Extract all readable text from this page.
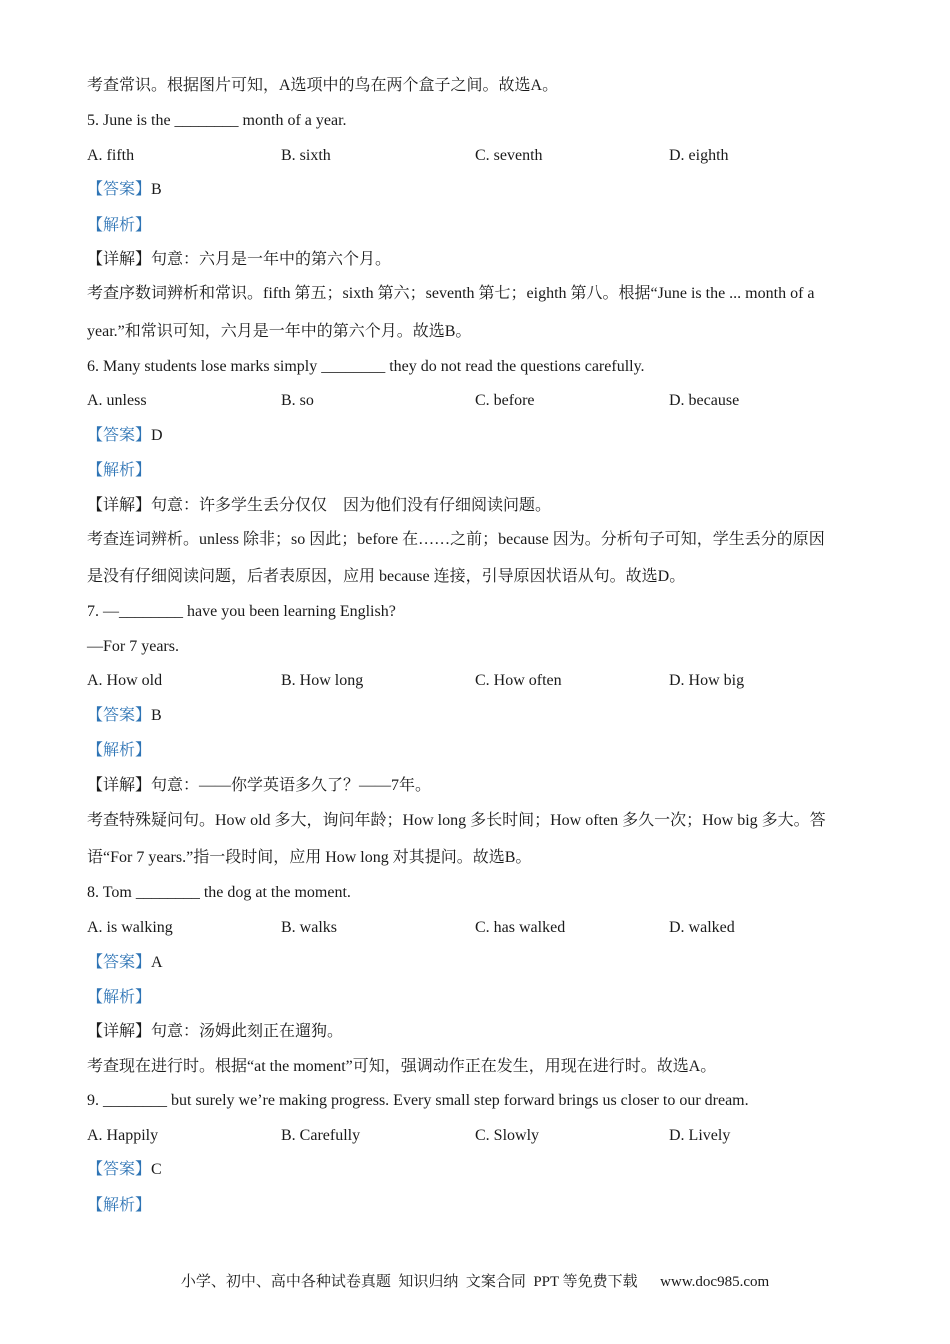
考查常识。根据图片可知，A选项中的鸟在两个盒子之间。故选A。
5. June is the ________ month of a year.
A. fifth	B. sixth	C. seventh	D. eighth
【答案】B
【解析】
【详解】句意：六月是一年中的第六个月。
考查序数词辨析和常识。fifth 第五；sixth 第六；seventh 第七；eighth 第八。根据“June is the ... month of a
year.”和常识可知，六月是一年中的第六个月。故选B。
6. Many students lose marks simply ________ they do not read the questions carefully.
A. unless	B. so	C. before	D. because
【答案】D
【解析】
【详解】句意：许多学生丢分仅仅    因为他们没有仔细阅读问题。
考查连词辨析。unless 除非；so 因此；before 在……之前；because 因为。分析句子可知，学生丢分的原因
是没有仔细阅读问题，后者表原因，应用 because 连接，引导原因状语从句。故选D。
7. —________ have you been learning English?
—For 7 years.
A. How old	B. How long	C. How often	D. How big
【答案】B
【解析】
【详解】句意：——你学英语多久了？——7年。
考查特殊疑问句。How old 多大，询问年龄；How long 多长时间；How often 多久一次；How big 多大。答
语“For 7 years.”指一段时间，应用 How long 对其提问。故选B。
8. Tom ________ the dog at the moment.
A. is walking	B. walks	C. has walked	D. walked
【答案】A
【解析】
【详解】句意：汤姆此刻正在遛狗。
考查现在进行时。根据“at the moment”可知，强调动作正在发生，用现在进行时。故选A。
9. ________ but surely we’re making progress. Every small step forward brings us closer to our dream.
A. Happily	B. Carefully	C. Slowly	D. Lively
【答案】C
【解析】
小学、初中、高中各种试卷真题  知识归纳  文案合同  PPT 等免费下载      www.doc985.com
